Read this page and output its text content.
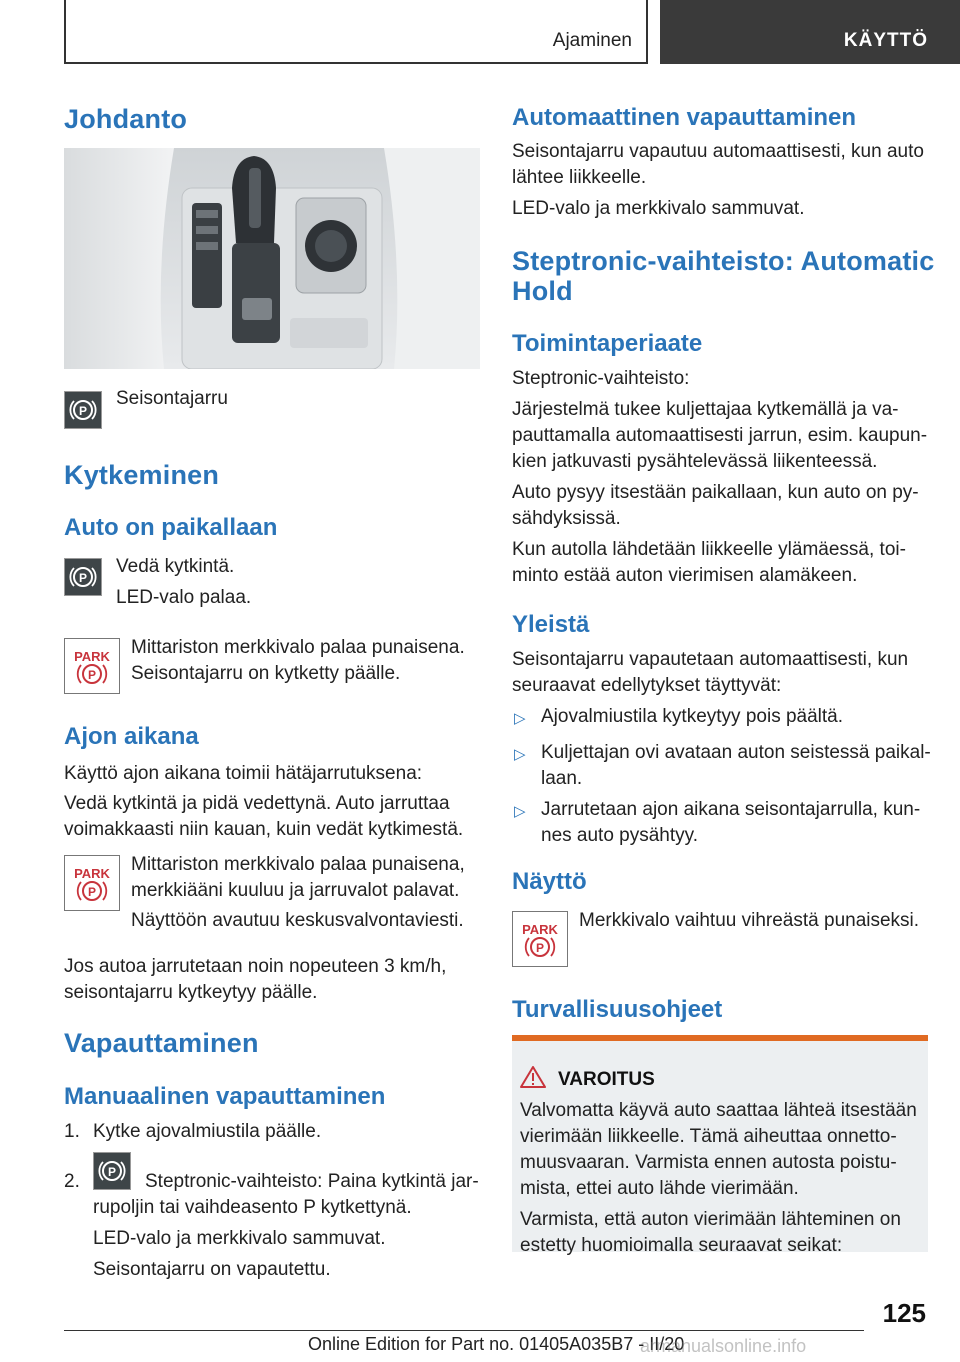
Ajaminen	KÄYTTÖ
Johdanto
P
Seisontajarru
Kytkeminen
Auto on paikallaan
P
Vedä kytkintä.
LED-valo palaa.
PARK
P
Mittariston merkkivalo palaa punaisena.
Seisontajarru on kytketty päälle.
Ajon aikana
Käyttö ajon aikana toimii hätäjarrutuksena:
Vedä kytkintä ja pidä vedettynä. Auto jarruttaa
voimakkaasti niin kauan, kuin vedät kytkimestä.
PARK
P
Mittariston merkkivalo palaa punaisena,
merkkiääni kuuluu ja jarruvalot palavat.
Näyttöön avautuu keskusvalvontaviesti.
Jos autoa jarrutetaan noin nopeuteen 3 km/h,
seisontajarru kytkeytyy päälle.
Vapauttaminen
Manuaalinen vapauttaminen
1. Kytke ajovalmiustila päälle.
2. P Steptronic-vaihteisto: Paina kytkintä jar-
rupoljin tai vaihdeasento P kytkettynä.
LED-valo ja merkkivalo sammuvat.
Seisontajarru on vapautettu.
Automaattinen vapauttaminen
Seisontajarru vapautuu automaattisesti, kun auto
lähtee liikkeelle.
LED-valo ja merkkivalo sammuvat.
Steptronic-vaihteisto: Automatic
Hold
Toimintaperiaate
Steptronic-vaihteisto:
Järjestelmä tukee kuljettajaa kytkemällä ja va-
pauttamalla automaattisesti jarrun, esim. kaupun-
kien jatkuvasti pysähtelevässä liikenteessä.
Auto pysyy itsestään paikallaan, kun auto on py-
sähdyksissä.
Kun autolla lähdetään liikkeelle ylämäessä, toi-
minto estää auton vierimisen alamäkeen.
Yleistä
Seisontajarru vapautetaan automaattisesti, kun
seuraavat edellytykset täyttyvät:
▷ Ajovalmiustila kytkeytyy pois päältä.
▷ Kuljettajan ovi avataan auton seistessä paikal-
laan.
▷ Jarrutetaan ajon aikana seisontajarrulla, kun-
nes auto pysähtyy.
Näyttö
PARK
P
Merkkivalo vaihtuu vihreästä punaiseksi.
Turvallisuusohjeet
VAROITUS
Valvomatta käyvä auto saattaa lähteä itsestään
vierimään liikkeelle. Tämä aiheuttaa onnetto-
muusvaaran. Varmista ennen autosta poistu-
mista, ettei auto lähde vierimään.
Varmista, että auton vierimään lähteminen on
estetty huomioimalla seuraavat seikat:
125
Online Edition for Part no. 01405A035B7 - II/20
armanualsonline.info
